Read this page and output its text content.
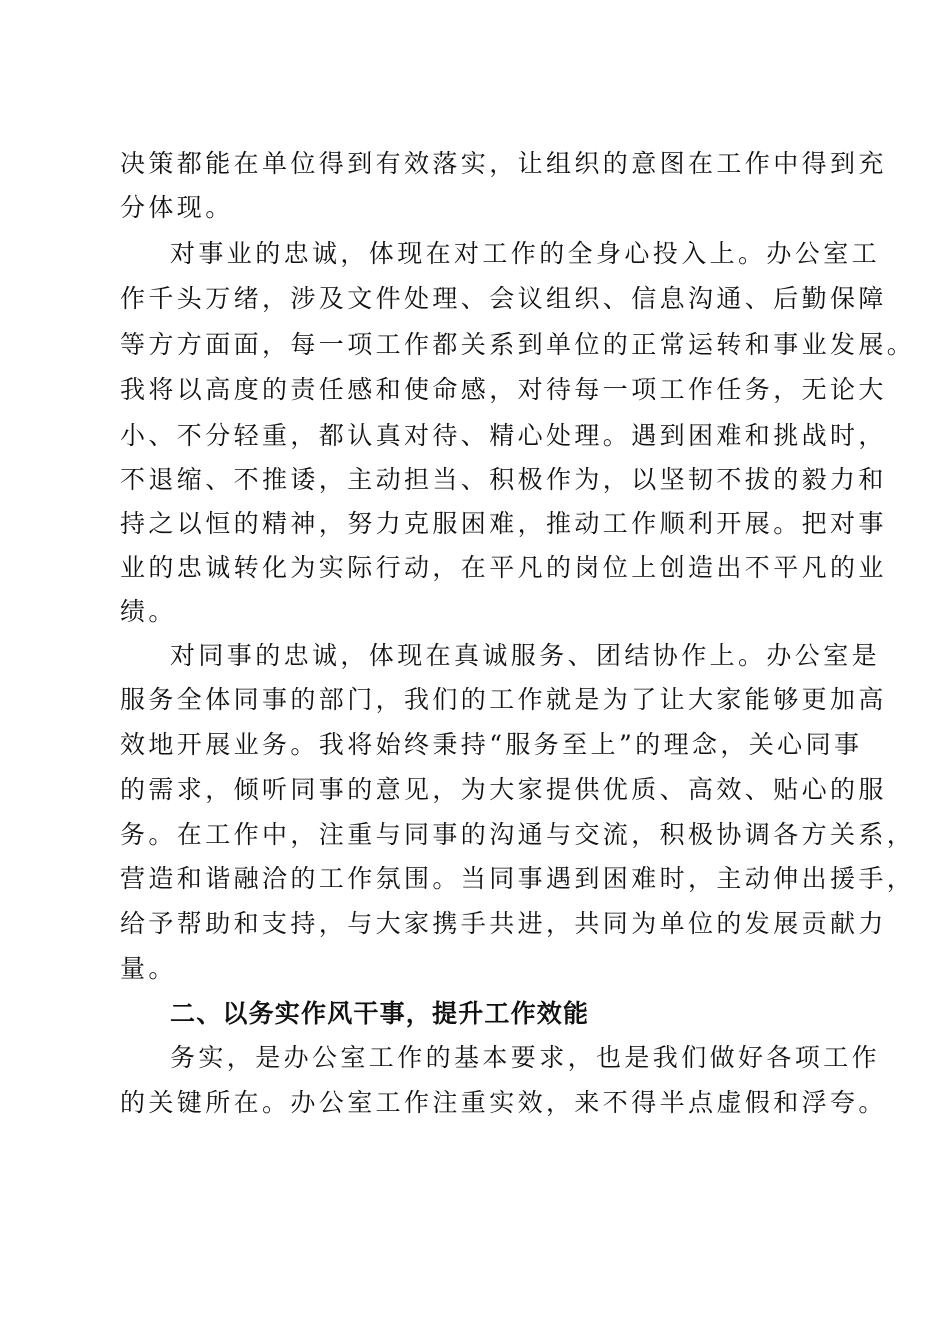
决策都能在单位得到有效落实，让组织的意图在工作中得到充
分体现。
对事业的忠诚，体现在对工作的全身心投入上。办公室工
作千头万绪，涉及文件处理、会议组织、信息沟通、后勤保障
等方方面面，每一项工作都关系到单位的正常运转和事业发展。
我将以高度的责任感和使命感，对待每一项工作任务，无论大
小、不分轻重，都认真对待、精心处理。遇到困难和挑战时，
不退缩、不推诿，主动担当、积极作为，以坚韧不拔的毅力和
持之以恒的精神，努力克服困难，推动工作顺利开展。把对事
业的忠诚转化为实际行动，在平凡的岗位上创造出不平凡的业
绩。
对同事的忠诚，体现在真诚服务、团结协作上。办公室是
服务全体同事的部门，我们的工作就是为了让大家能够更加高
效地开展业务。我将始终秉持“服务至上”的理念，关心同事
的需求，倾听同事的意见，为大家提供优质、高效、贴心的服
务。在工作中，注重与同事的沟通与交流，积极协调各方关系，
营造和谐融洽的工作氛围。当同事遇到困难时，主动伸出援手，
给予帮助和支持，与大家携手共进，共同为单位的发展贡献力
量。
二、以务实作风干事，提升工作效能
务实，是办公室工作的基本要求，也是我们做好各项工作
的关键所在。办公室工作注重实效，来不得半点虚假和浮夸。
